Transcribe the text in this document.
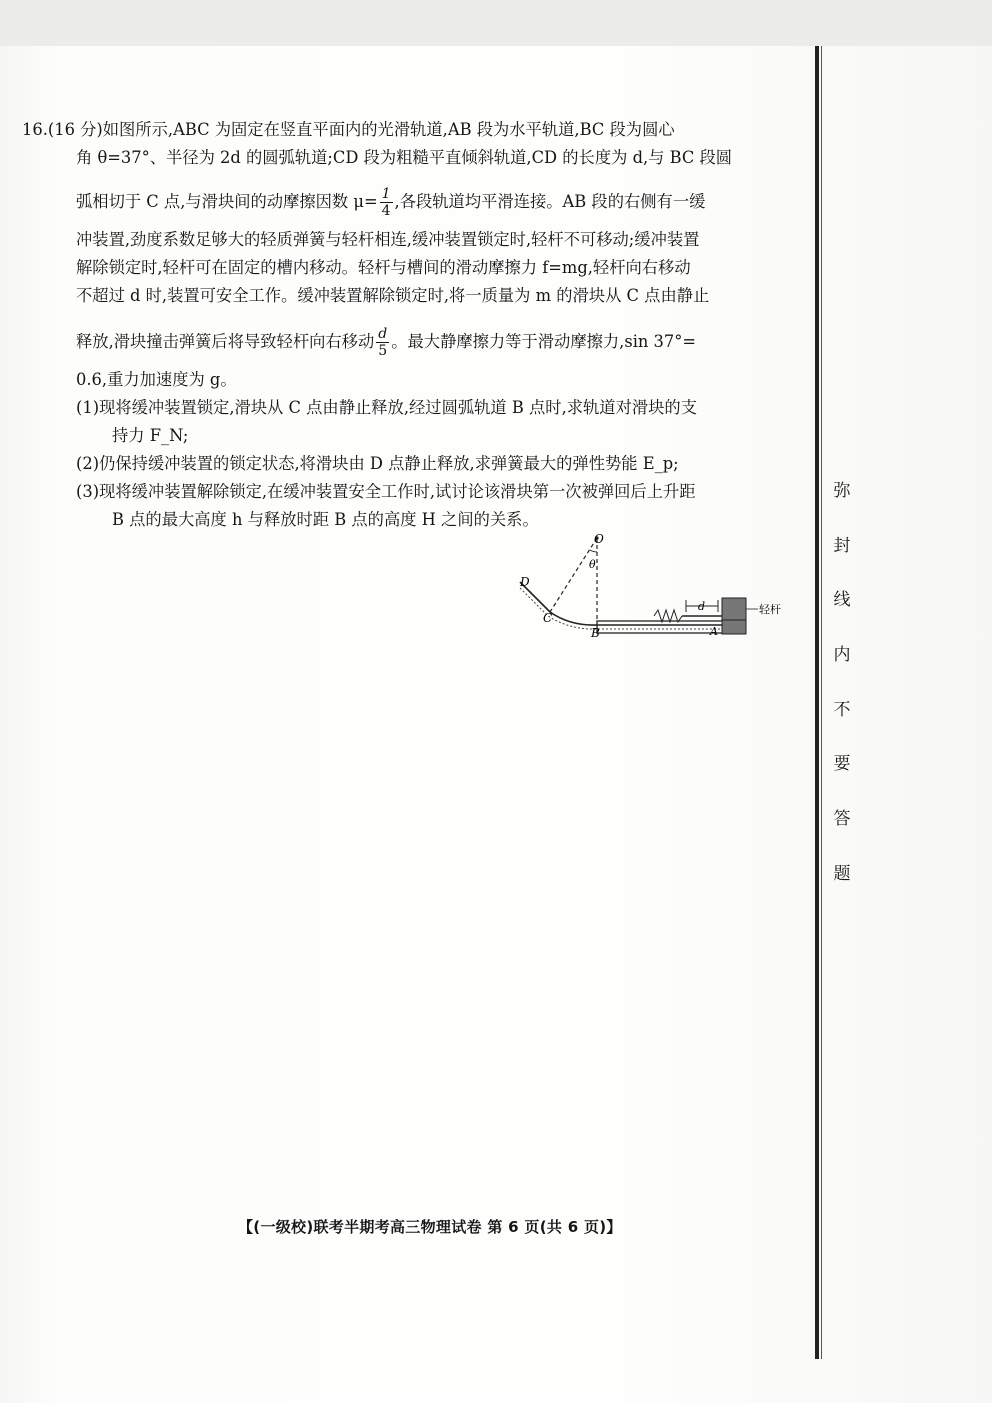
16.(16 分)如图所示,ABC 为固定在竖直平面内的光滑轨道,AB 段为水平轨道,BC 段为圆心
角 θ=37°、半径为 2d 的圆弧轨道;CD 段为粗糙平直倾斜轨道,CD 的长度为 d,与 BC 段圆
弧相切于 C 点,与滑块间的动摩擦因数 $\mu= \frac{1}{4}$ ,各段轨道均平滑连接。AB 段的右侧有一缓
冲装置,劲度系数足够大的轻质弹簧与轻杆相连,缓冲装置锁定时,轻杆不可移动;缓冲装置
解除锁定时,轻杆可在固定的槽内移动。轻杆与槽间的滑动摩擦力 f=mg,轻杆向右移动
不超过 d 时,装置可安全工作。缓冲装置解除锁定时,将一质量为 m 的滑块从 C 点由静止
释放,滑块撞击弹簧后将导致轻杆向右移动 $\frac{d}{5}$ 。最大静摩擦力等于滑动摩擦力,sin 37°=
0.6,重力加速度为 g。
(1)现将缓冲装置锁定,滑块从 C 点由静止释放,经过圆弧轨道 B 点时,求轨道对滑块的支
持力 F_N;
(2)仍保持缓冲装置的锁定状态,将滑块由 D 点静止释放,求弹簧最大的弹性势能 E_p;
(3)现将缓冲装置解除锁定,在缓冲装置安全工作时,试讨论该滑块第一次被弹回后上升距
B 点的最大高度 h 与释放时距 B 点的高度 H 之间的关系。
O
θ
D
C
B	A
d	轻杆
弥
封
线
内
不
要
答
题
【(一级校)联考半期考高三物理试卷 第 6 页(共 6 页)】
